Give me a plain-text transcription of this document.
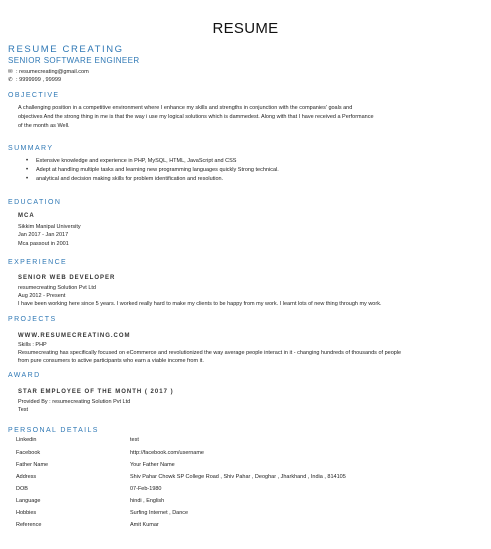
RESUME
RESUME CREATING
SENIOR SOFTWARE ENGINEER
✉ : resumecreating@gmail.com
✆ : 9999999 , 99999
OBJECTIVE
A challenging position in a competitive environment where I enhance my skills and strengths in conjunction with the companies' goals and
objectives And the strong thing in me is that the way i use my logical solutions which is dammedest. Along with that I have received a Performance
of the month as Well.
SUMMARY
• Extensive knowledge and experience in PHP, MySQL, HTML, JavaScript and CSS
• Adept at handling multiple tasks and learning new programming languages quickly Strong technical.
• analytical and decision making skills for problem identification and resolution.
EDUCATION
MCA
Sikkim Manipal University
Jan 2017 - Jan 2017
Mca passout in 2001
EXPERIENCE
SENIOR WEB DEVELOPER
resumecreating Solution Pvt Ltd
Aug 2012 - Present
I have been working here since 5 years. I worked really hard to make my clients to be happy from my work. I learnt lots of new thing through my work.
PROJECTS
WWW.RESUMECREATING.COM
Skills : PHP
Resumecreating has specifically focused on eCommerce and revolutionized the way average people interact in it - changing hundreds of thousands of people
from pure consumers to active participants who earn a viable income from it.
AWARD
STAR EMPLOYEE OF THE MONTH ( 2017 )
Provided By : resumecreating Solution Pvt Ltd
Test
PERSONAL DETAILS
Linkedin	test
Facebook	http://facebook.com/username
Father Name	Your Father Name
Address	Shiv Pahar Chowk SP College Road , Shiv Pahar , Deoghar , Jharkhand , India , 814105
DOB	07-Feb-1980
Language	hindi , English
Hobbies	Surfing Internet , Dance
Reference	Amit Kumar
